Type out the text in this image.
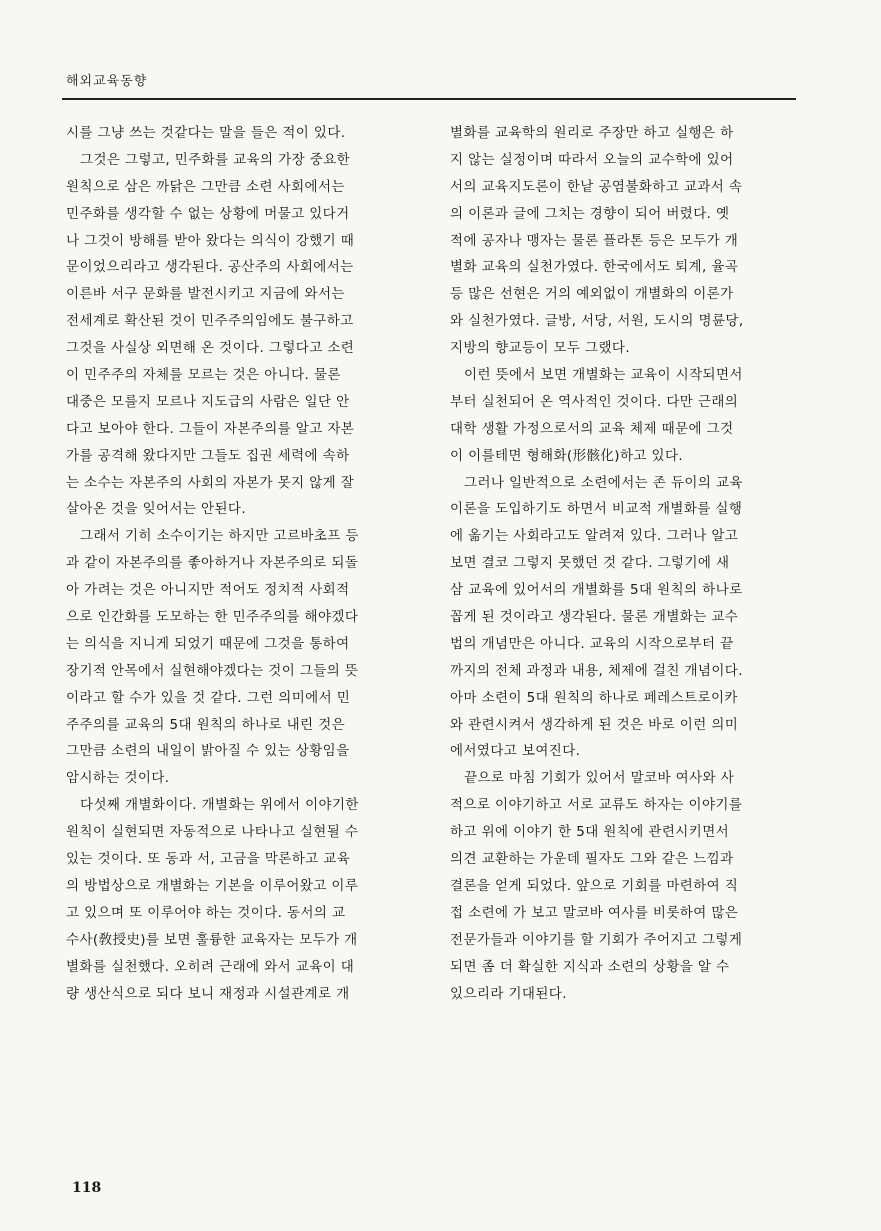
해외교육동향
시를 그냥 쓰는 것같다는 말을 들은 적이 있다.
그것은 그렇고, 민주화를 교육의 가장 중요한
원칙으로 삼은 까닭은 그만큼 소련 사회에서는
민주화를 생각할 수 없는 상황에 머물고 있다거
나 그것이 방해를 받아 왔다는 의식이 강했기 때
문이었으리라고 생각된다. 공산주의 사회에서는
이른바 서구 문화를 발전시키고 지금에 와서는
전세계로 확산된 것이 민주주의임에도 불구하고
그것을 사실상 외면해 온 것이다. 그렇다고 소련
이 민주주의 자체를 모르는 것은 아니다. 물론
대중은 모를지 모르나 지도급의 사람은 일단 안
다고 보아야 한다. 그들이 자본주의를 알고 자본
가를 공격해 왔다지만 그들도 집권 세력에 속하
는 소수는 자본주의 사회의 자본가 못지 않게 잘
살아온 것을 잊어서는 안된다.
그래서 기히 소수이기는 하지만 고르바초프 등
과 같이 자본주의를 좋아하거나 자본주의로 되돌
아 가려는 것은 아니지만 적어도 정치적 사회적
으로 인간화를 도모하는 한 민주주의를 해야겠다
는 의식을 지니게 되었기 때문에 그것을 통하여
장기적 안목에서 실현해야겠다는 것이 그들의 뜻
이라고 할 수가 있을 것 같다. 그런 의미에서 민
주주의를 교육의 5대 원칙의 하나로 내린 것은
그만큼 소련의 내일이 밝아질 수 있는 상황임을
암시하는 것이다.
다섯째 개별화이다. 개별화는 위에서 이야기한
원칙이 실현되면 자동적으로 나타나고 실현될 수
있는 것이다. 또 동과 서, 고금을 막론하고 교육
의 방법상으로 개별화는 기본을 이루어왔고 이루
고 있으며 또 이루어야 하는 것이다. 동서의 교
수사(敎授史)를 보면 훌륭한 교육자는 모두가 개
별화를 실천했다. 오히려 근래에 와서 교육이 대
량 생산식으로 되다 보니 재정과 시설관계로 개
별화를 교육학의 원리로 주장만 하고 실행은 하
지 않는 실정이며 따라서 오늘의 교수학에 있어
서의 교육지도론이 한낱 공염불화하고 교과서 속
의 이론과 글에 그치는 경향이 되어 버렸다. 옛
적에 공자나 맹자는 물론 플라톤 등은 모두가 개
별화 교육의 실천가였다. 한국에서도 퇴계, 율곡
등 많은 선현은 거의 예외없이 개별화의 이론가
와 실천가였다. 글방, 서당, 서원, 도시의 명륜당,
지방의 향교등이 모두 그랬다.
이런 뜻에서 보면 개별화는 교육이 시작되면서
부터 실천되어 온 역사적인 것이다. 다만 근래의
대학 생활 가정으로서의 교육 체제 때문에 그것
이 이를테면 형해화(形骸化)하고 있다.
그러나 일반적으로 소련에서는 존 듀이의 교육
이론을 도입하기도 하면서 비교적 개별화를 실행
에 옮기는 사회라고도 알려져 있다. 그러나 알고
보면 결코 그렇지 못했던 것 같다. 그렇기에 새
삼 교육에 있어서의 개별화를 5대 원칙의 하나로
꼽게 된 것이라고 생각된다. 물론 개별화는 교수
법의 개념만은 아니다. 교육의 시작으로부터 끝
까지의 전체 과정과 내용, 체제에 걸친 개념이다.
아마 소련이 5대 원칙의 하나로 페레스트로이카
와 관련시켜서 생각하게 된 것은 바로 이런 의미
에서였다고 보여진다.
끝으로 마침 기회가 있어서 말코바 여사와 사
적으로 이야기하고 서로 교류도 하자는 이야기를
하고 위에 이야기 한 5대 원칙에 관련시키면서
의견 교환하는 가운데 필자도 그와 같은 느낌과
결론을 얻게 되었다. 앞으로 기회를 마련하여 직
접 소련에 가 보고 말코바 여사를 비롯하여 많은
전문가들과 이야기를 할 기회가 주어지고 그렇게
되면 좀 더 확실한 지식과 소련의 상황을 알 수
있으리라 기대된다.
118
